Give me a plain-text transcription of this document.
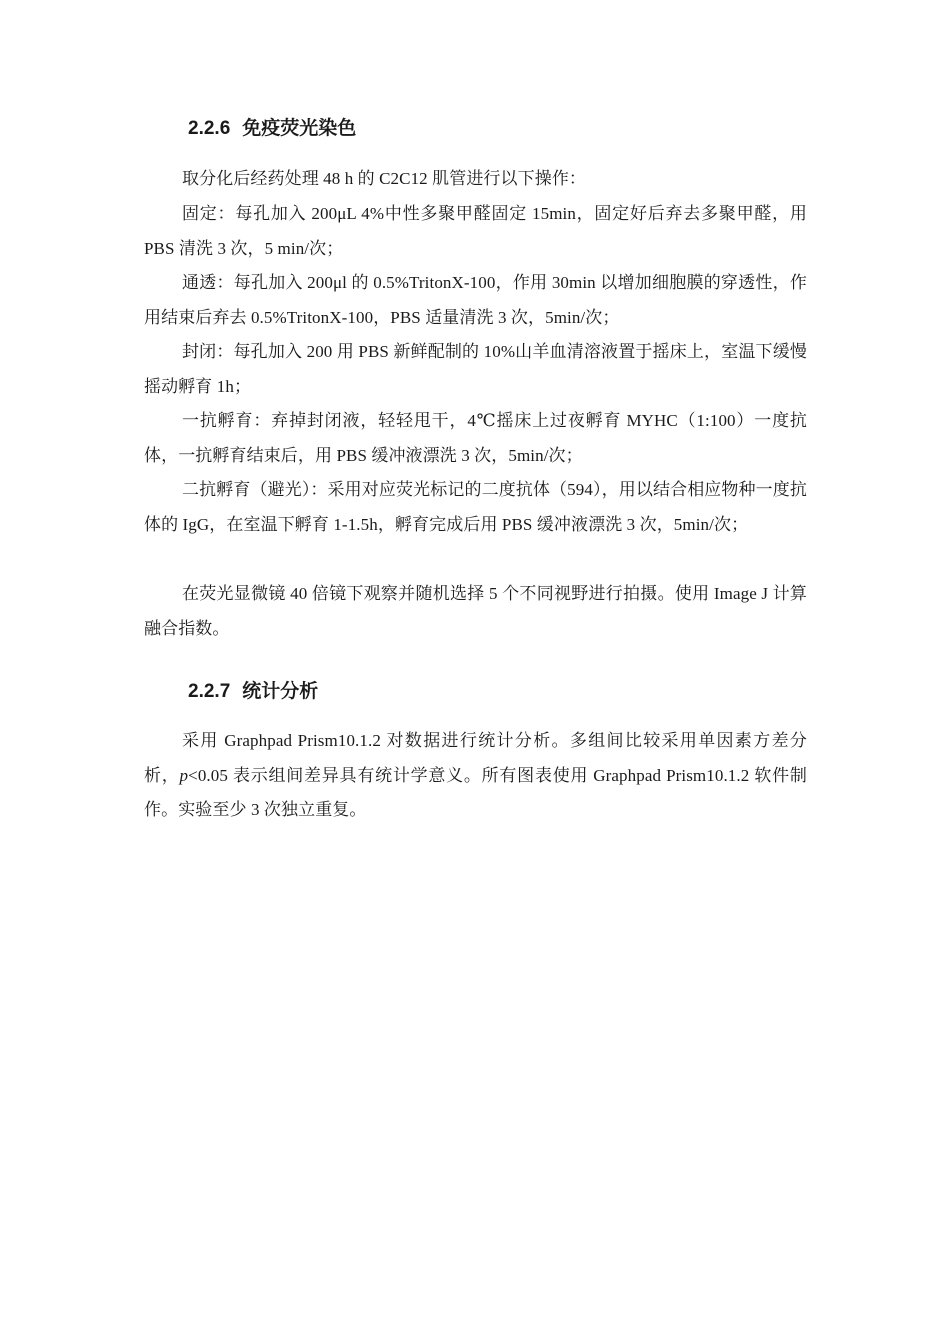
2.2.6 免疫荧光染色

取分化后经药处理 48 h 的 C2C12 肌管进行以下操作：

固定：每孔加入 200μL 4%中性多聚甲醛固定 15min，固定好后弃去多聚甲醛，用 PBS 清洗 3 次，5 min/次；

通透：每孔加入 200μl 的 0.5%TritonX-100，作用 30min 以增加细胞膜的穿透性，作用结束后弃去 0.5%TritonX-100，PBS 适量清洗 3 次，5min/次；

封闭：每孔加入 200 用 PBS 新鲜配制的 10%山羊血清溶液置于摇床上，室温下缓慢摇动孵育 1h；

一抗孵育：弃掉封闭液，轻轻甩干，4℃摇床上过夜孵育 MYHC（1:100）一度抗体，一抗孵育结束后，用 PBS 缓冲液漂洗 3 次，5min/次；

二抗孵育（避光）：采用对应荧光标记的二度抗体（594），用以结合相应物种一度抗体的 IgG，在室温下孵育 1-1.5h，孵育完成后用 PBS 缓冲液漂洗 3 次，5min/次；

在荧光显微镜 40 倍镜下观察并随机选择 5 个不同视野进行拍摄。使用 Image J 计算融合指数。

2.2.7 统计分析

采用 Graphpad Prism10.1.2 对数据进行统计分析。多组间比较采用单因素方差分析，p<0.05 表示组间差异具有统计学意义。所有图表使用 Graphpad Prism10.1.2 软件制作。实验至少 3 次独立重复。
